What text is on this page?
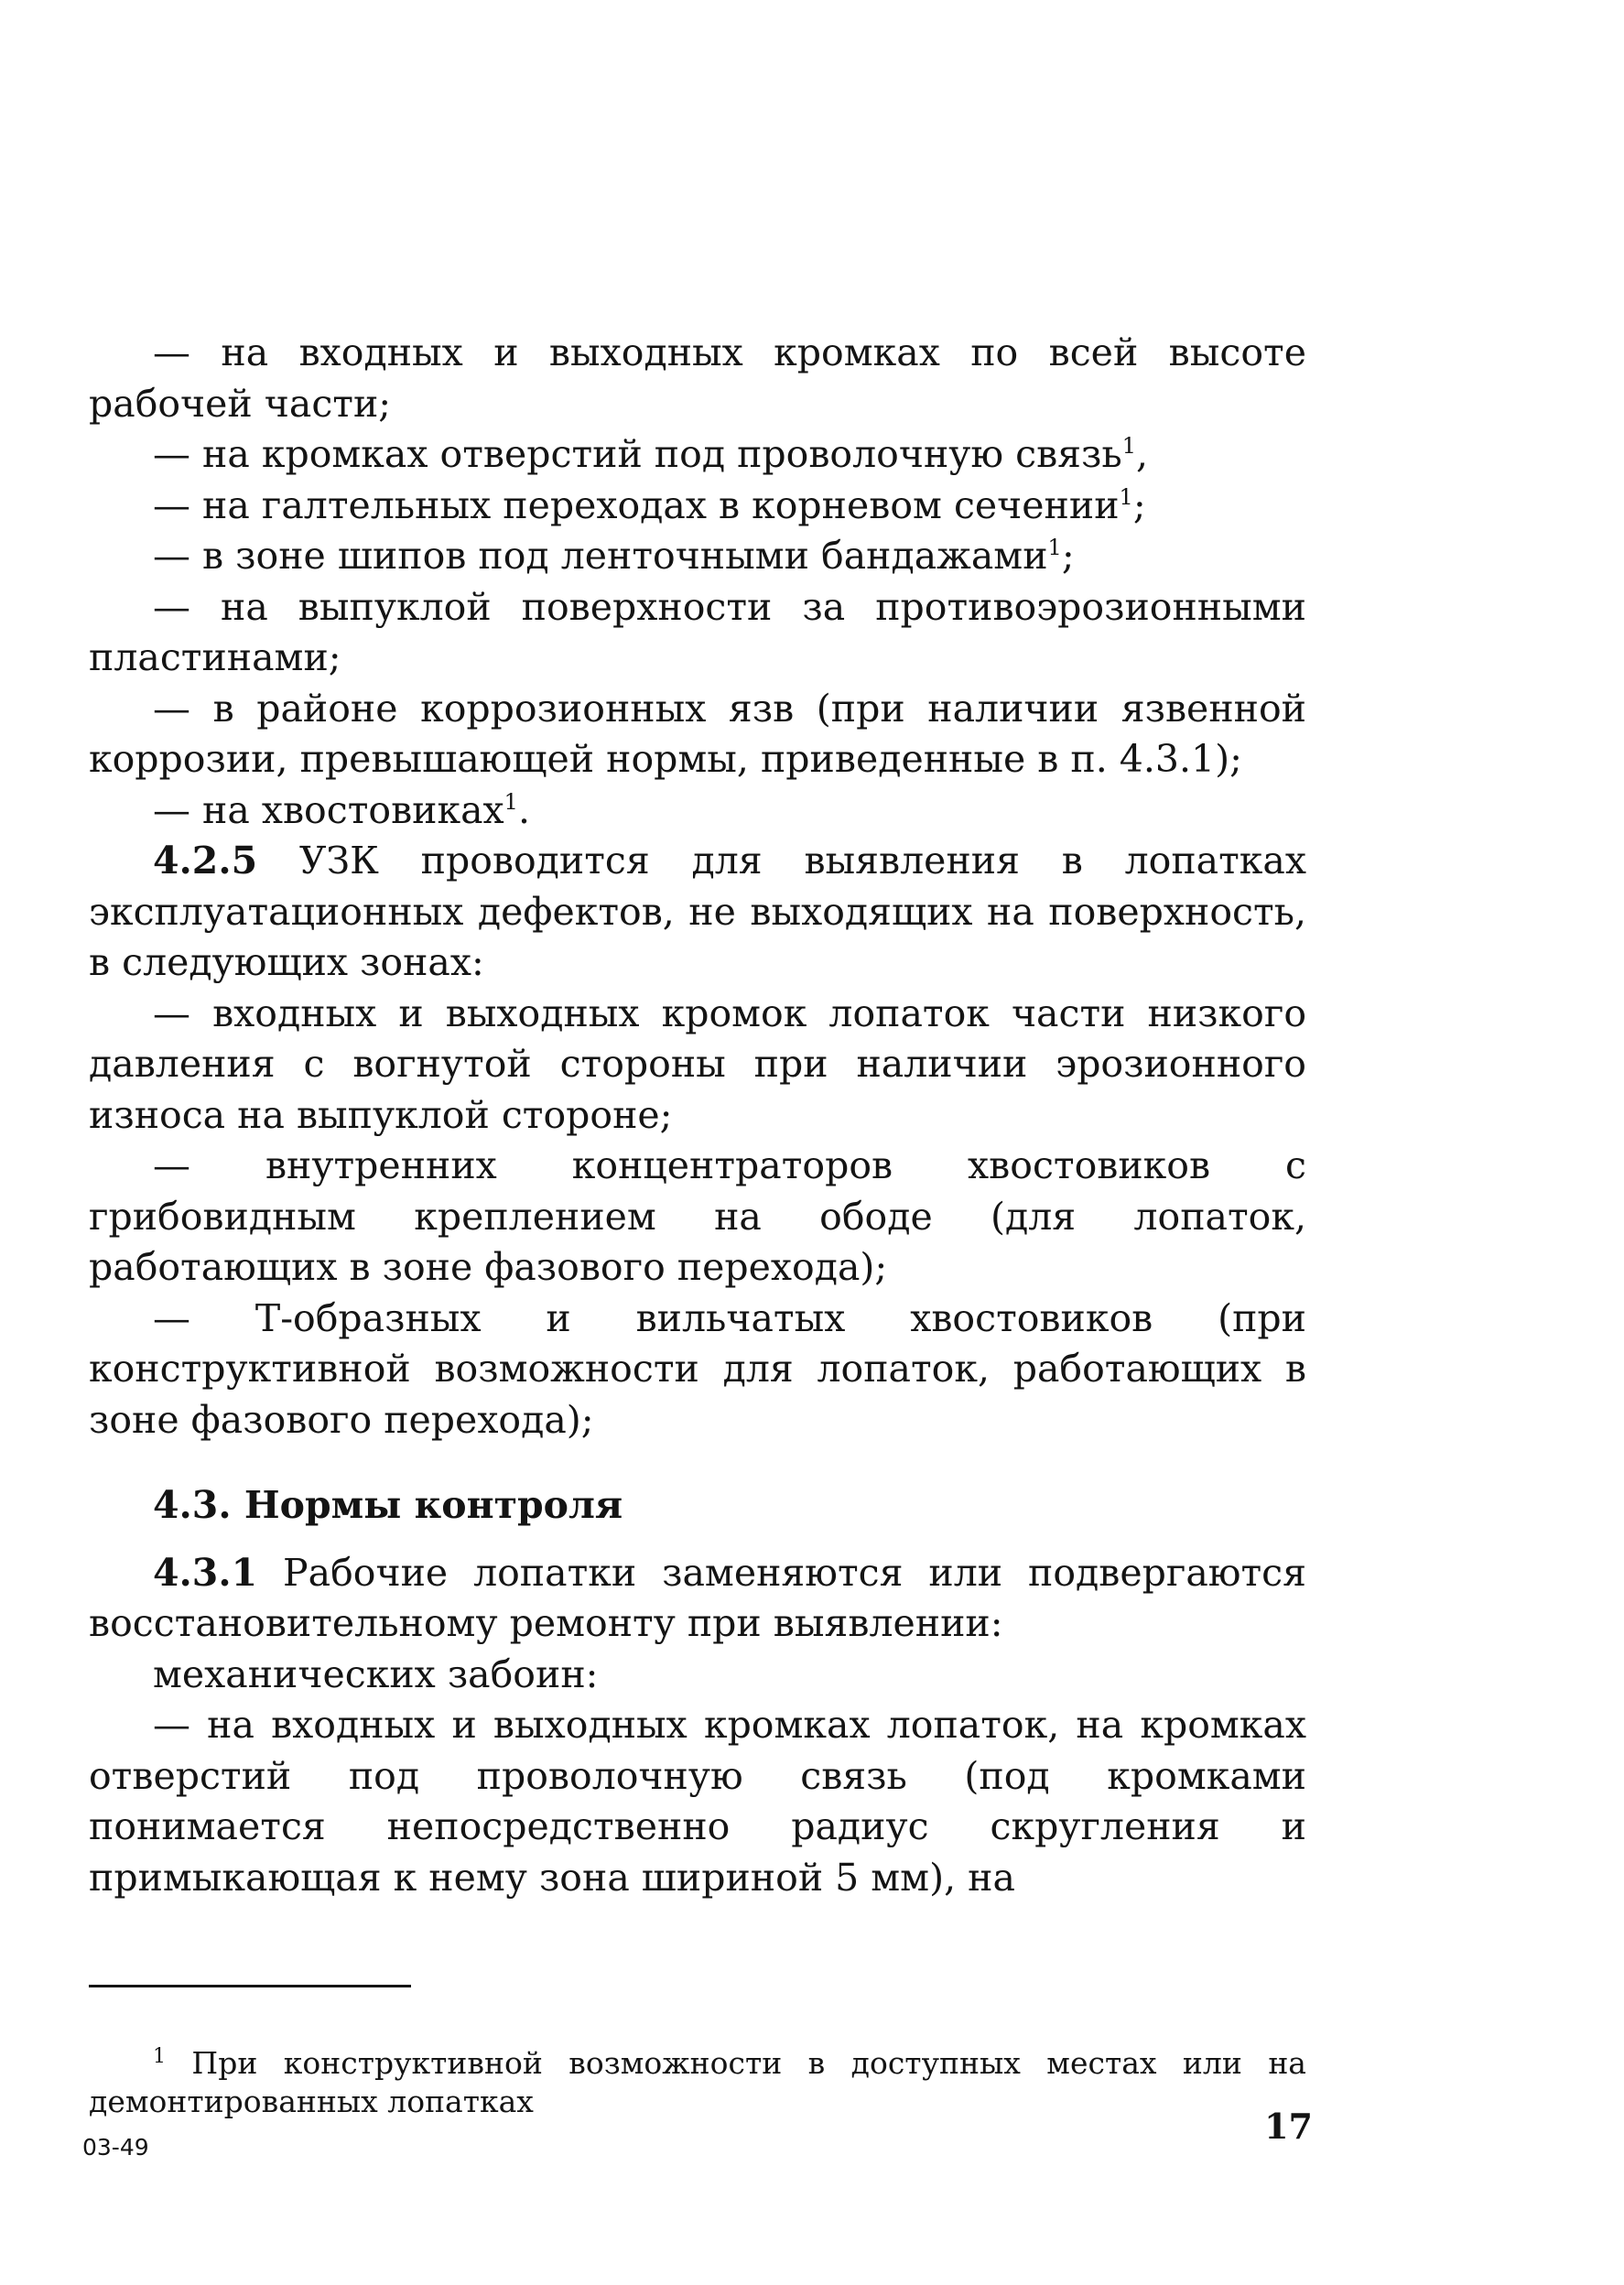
— на входных и выходных кромках по всей высоте рабочей части;

— на кромках отверстий под проволочную связь$^1$,

— на галтельных переходах в корневом сечении$^1$;

— в зоне шипов под ленточными бандажами$^1$;

— на выпуклой поверхности за противоэрозионными пластинами;

— в районе коррозионных язв (при наличии язвенной коррозии, превышающей нормы, приведенные в п. 4.3.1);

— на хвостовиках$^1$.

4.2.5 УЗК проводится для выявления в лопатках эксплуатационных дефектов, не выходящих на поверхность, в следующих зонах:

— входных и выходных кромок лопаток части низкого давления с вогнутой стороны при наличии эрозионного износа на выпуклой стороне;

— внутренних концентраторов хвостовиков с грибовидным креплением на ободе (для лопаток, работающих в зоне фазового перехода);

— Т-образных и вильчатых хвостовиков (при конструктивной возможности для лопаток, работающих в зоне фазового перехода);

4.3. Нормы контроля

4.3.1 Рабочие лопатки заменяются или подвергаются восстановительному ремонту при выявлении:

механических забоин:

— на входных и выходных кромках лопаток, на кромках отверстий под проволочную связь (под кромками понимается непосредственно радиус скругления и примыкающая к нему зона шириной 5 мм), на

$^1$ При конструктивной возможности в доступных местах или на демонтированных лопатках

17
03-49
